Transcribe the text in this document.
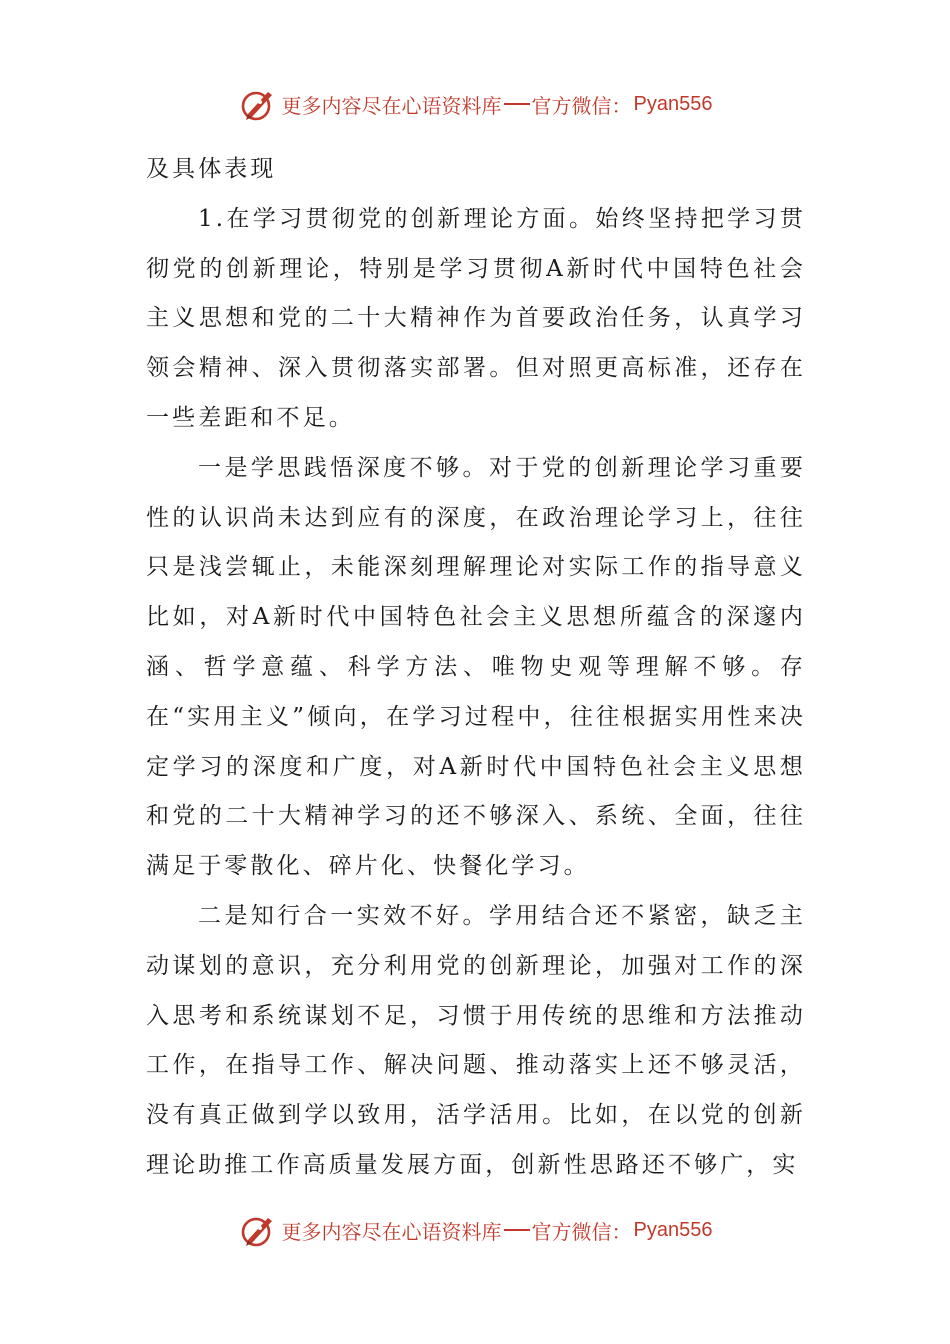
更多内容尽在心语资料库 官方微信： Pyan556

及具体表现

1.在学习贯彻党的创新理论方面。始终坚持把学习贯彻党的创新理论，特别是学习贯彻A新时代中国特色社会主义思想和党的二十大精神作为首要政治任务，认真学习领会精神、深入贯彻落实部署。但对照更高标准，还存在一些差距和不足。

一是学思践悟深度不够。对于党的创新理论学习重要性的认识尚未达到应有的深度，在政治理论学习上，往往只是浅尝辄止，未能深刻理解理论对实际工作的指导意义比如，对A新时代中国特色社会主义思想所蕴含的深邃内涵、哲学意蕴、科学方法、唯物史观等理解不够。存在“实用主义”倾向，在学习过程中，往往根据实用性来决定学习的深度和广度，对A新时代中国特色社会主义思想和党的二十大精神学习的还不够深入、系统、全面，往往满足于零散化、碎片化、快餐化学习。

二是知行合一实效不好。学用结合还不紧密，缺乏主动谋划的意识，充分利用党的创新理论，加强对工作的深入思考和系统谋划不足，习惯于用传统的思维和方法推动工作，在指导工作、解决问题、推动落实上还不够灵活，没有真正做到学以致用，活学活用。比如，在以党的创新理论助推工作高质量发展方面，创新性思路还不够广，实

更多内容尽在心语资料库 官方微信： Pyan556
